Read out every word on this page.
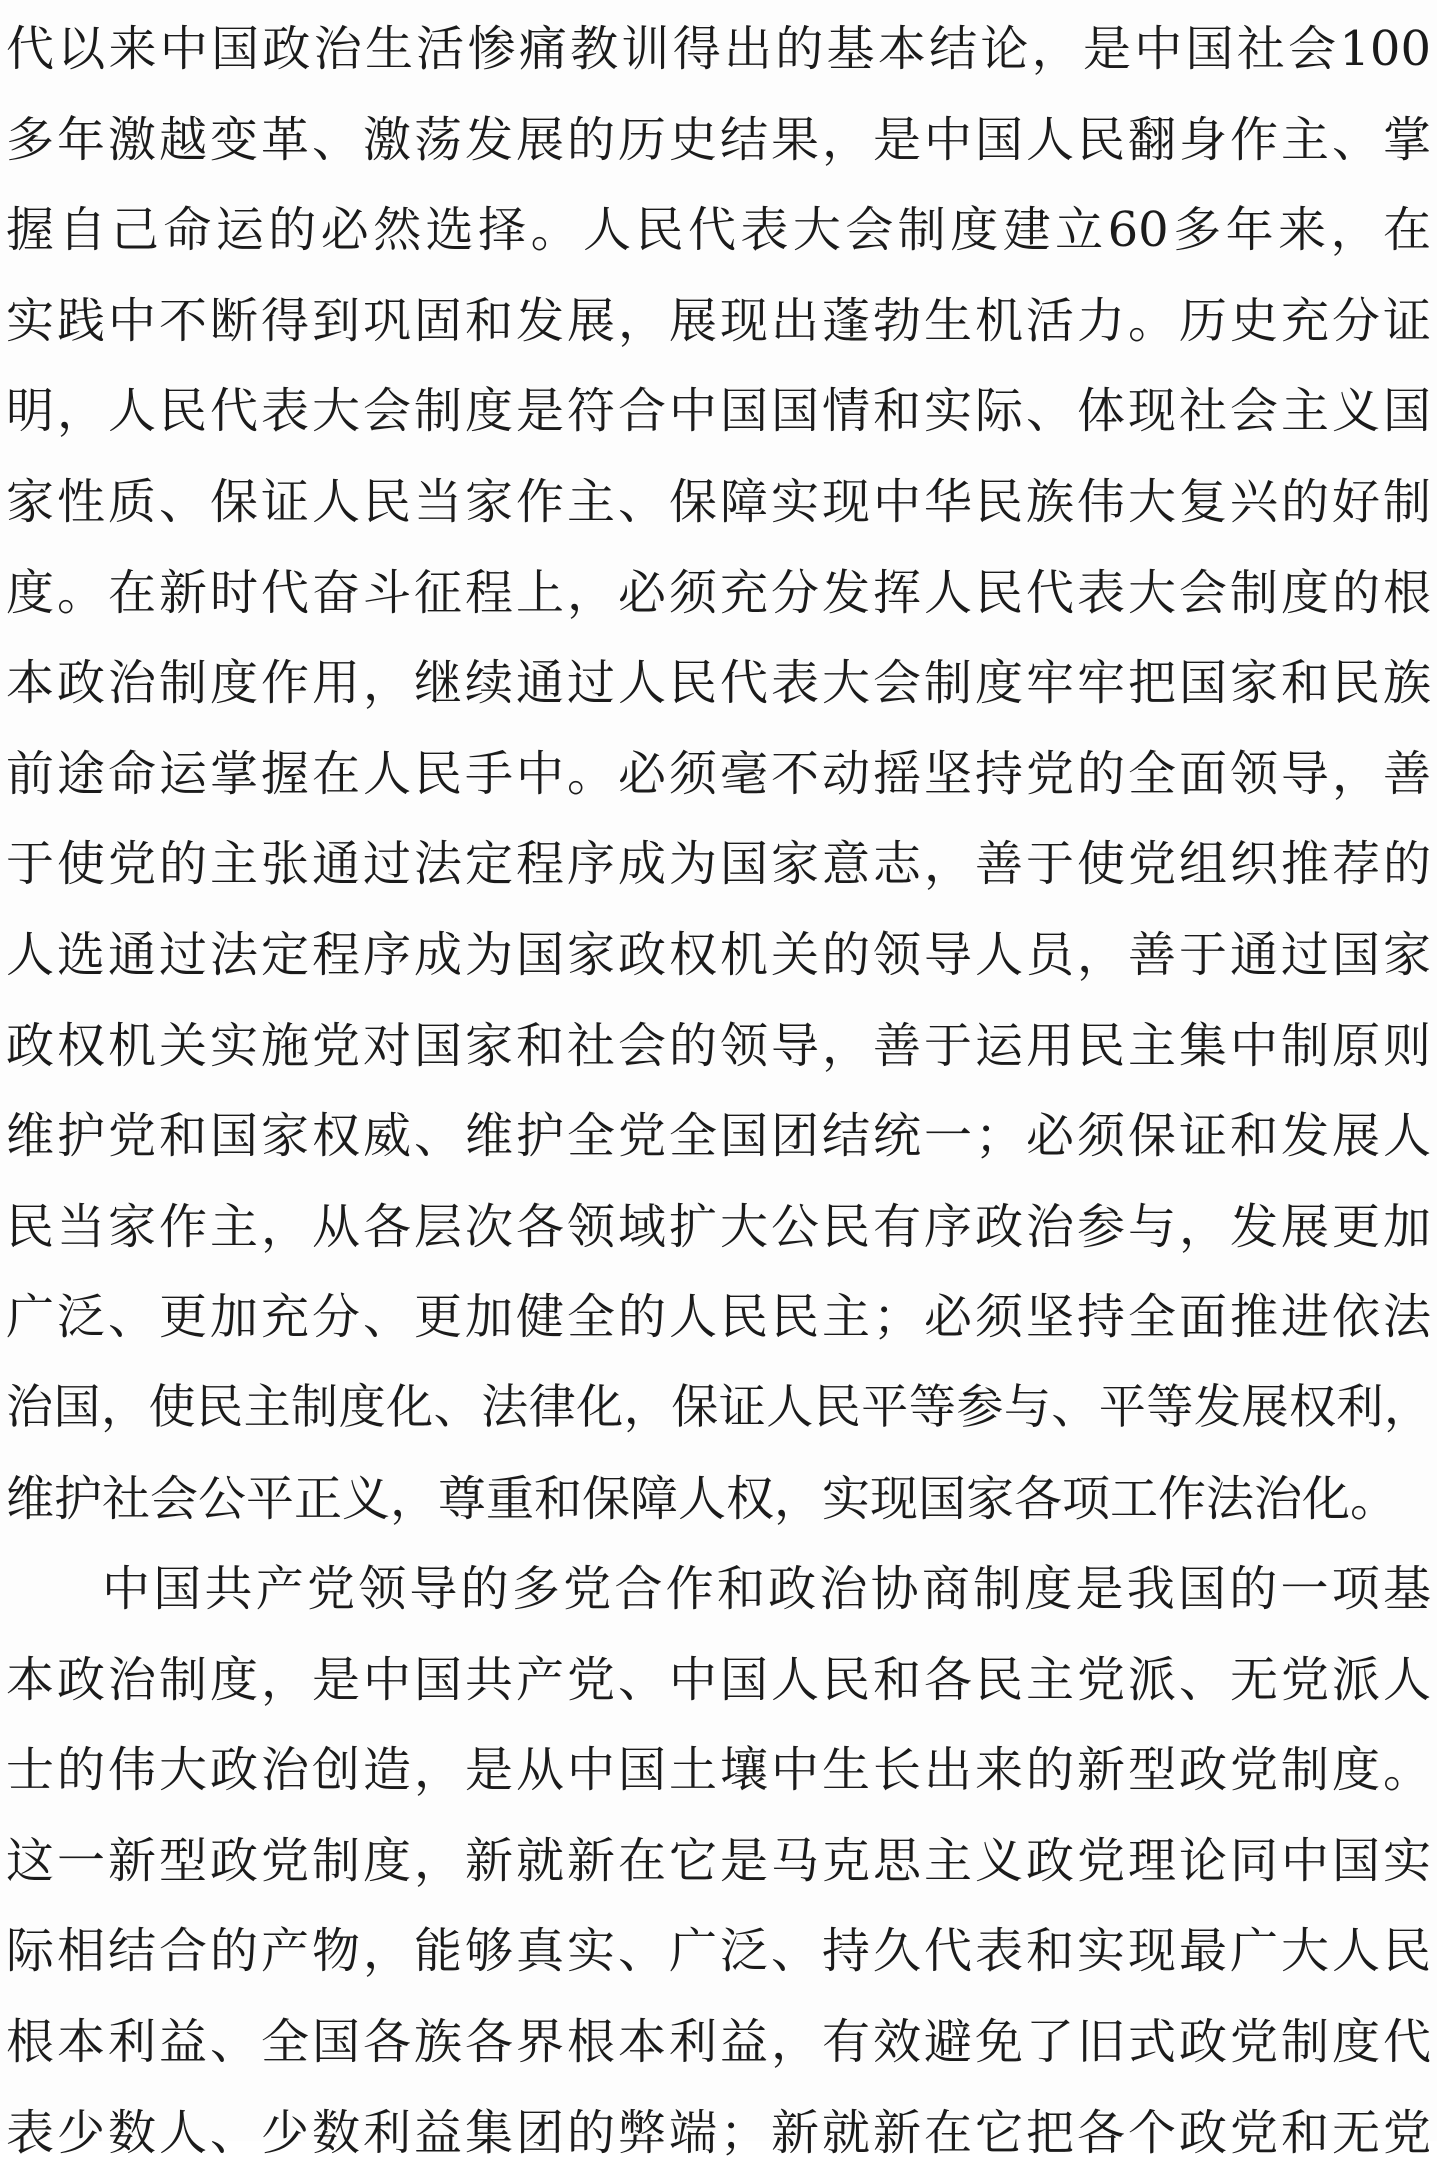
代以来中国政治生活惨痛教训得出的基本结论，是中国社会100
多年激越变革、激荡发展的历史结果，是中国人民翻身作主、掌
握自己命运的必然选择。人民代表大会制度建立60多年来，在
实践中不断得到巩固和发展，展现出蓬勃生机活力。历史充分证
明，人民代表大会制度是符合中国国情和实际、体现社会主义国
家性质、保证人民当家作主、保障实现中华民族伟大复兴的好制
度。在新时代奋斗征程上，必须充分发挥人民代表大会制度的根
本政治制度作用，继续通过人民代表大会制度牢牢把国家和民族
前途命运掌握在人民手中。必须毫不动摇坚持党的全面领导，善
于使党的主张通过法定程序成为国家意志，善于使党组织推荐的
人选通过法定程序成为国家政权机关的领导人员，善于通过国家
政权机关实施党对国家和社会的领导，善于运用民主集中制原则
维护党和国家权威、维护全党全国团结统一；必须保证和发展人
民当家作主，从各层次各领域扩大公民有序政治参与，发展更加
广泛、更加充分、更加健全的人民民主；必须坚持全面推进依法
治国，使民主制度化、法律化，保证人民平等参与、平等发展权利，
维护社会公平正义，尊重和保障人权，实现国家各项工作法治化。
中国共产党领导的多党合作和政治协商制度是我国的一项基
本政治制度，是中国共产党、中国人民和各民主党派、无党派人
士的伟大政治创造，是从中国土壤中生长出来的新型政党制度。
这一新型政党制度，新就新在它是马克思主义政党理论同中国实
际相结合的产物，能够真实、广泛、持久代表和实现最广大人民
根本利益、全国各族各界根本利益，有效避免了旧式政党制度代
表少数人、少数利益集团的弊端；新就新在它把各个政党和无党
